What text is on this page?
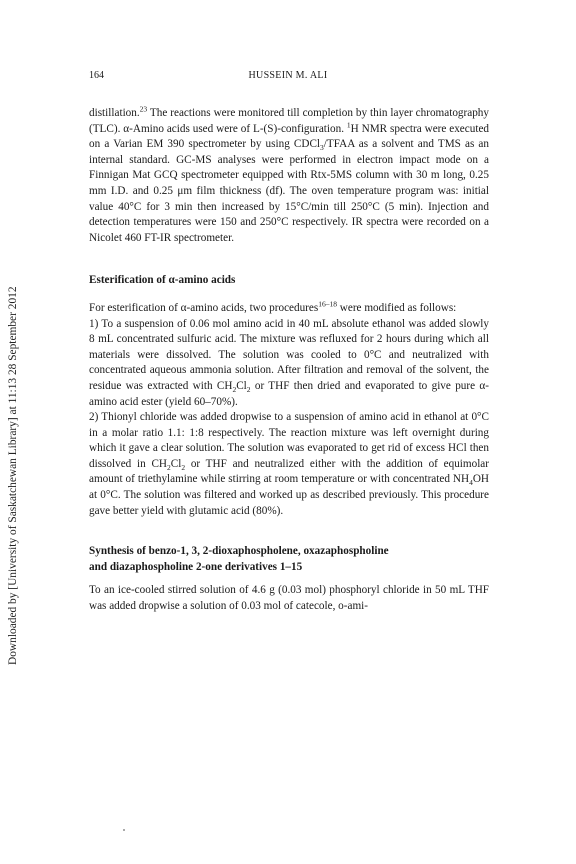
164	HUSSEIN M. ALI
Downloaded by [University of Saskatchewan Library] at 11:13 28 September 2012

distillation.$^{23}$ The reactions were monitored till completion by thin layer chromatography (TLC). α-Amino acids used were of L-(S)-configuration. $^1$H NMR spectra were executed on a Varian EM 390 spectrometer by using CDCl$_3$/TFAA as a solvent and TMS as an internal standard. GC-MS analyses were performed in electron impact mode on a Finnigan Mat GCQ spectrometer equipped with Rtx-5MS column with 30 m long, 0.25 mm I.D. and 0.25 μm film thickness (df). The oven temperature program was: initial value 40°C for 3 min then increased by 15°C/min till 250°C (5 min). Injection and detection temperatures were 150 and 250°C respectively. IR spectra were recorded on a Nicolet 460 FT-IR spectrometer.

Esterification of α-amino acids

For esterification of α-amino acids, two procedures$^{16-18}$ were modified as follows:

1) To a suspension of 0.06 mol amino acid in 40 mL absolute ethanol was added slowly 8 mL concentrated sulfuric acid. The mixture was refluxed for 2 hours during which all materials were dissolved. The solution was cooled to 0°C and neutralized with concentrated aqueous ammonia solution. After filtration and removal of the solvent, the residue was extracted with $CH_2Cl_2$ or THF then dried and evaporated to give pure α-amino acid ester (yield 60–70%).

2) Thionyl chloride was added dropwise to a suspension of amino acid in ethanol at 0°C in a molar ratio 1.1: 1:8 respectively. The reaction mixture was left overnight during which it gave a clear solution. The solution was evaporated to get rid of excess HCl then dissolved in $CH_2Cl_2$ or THF and neutralized either with the addition of equimolar amount of triethylamine while stirring at room temperature or with concentrated $NH_4OH$ at 0°C. The solution was filtered and worked up as described previously. This procedure gave better yield with glutamic acid (80%).

Synthesis of benzo-1, 3, 2-dioxaphospholene, oxazaphospholine
and diazaphospholine 2-one derivatives 1–15

To an ice-cooled stirred solution of 4.6 g (0.03 mol) phosphoryl chloride in 50 mL THF was added dropwise a solution of 0.03 mol of catecole, o-ami-
